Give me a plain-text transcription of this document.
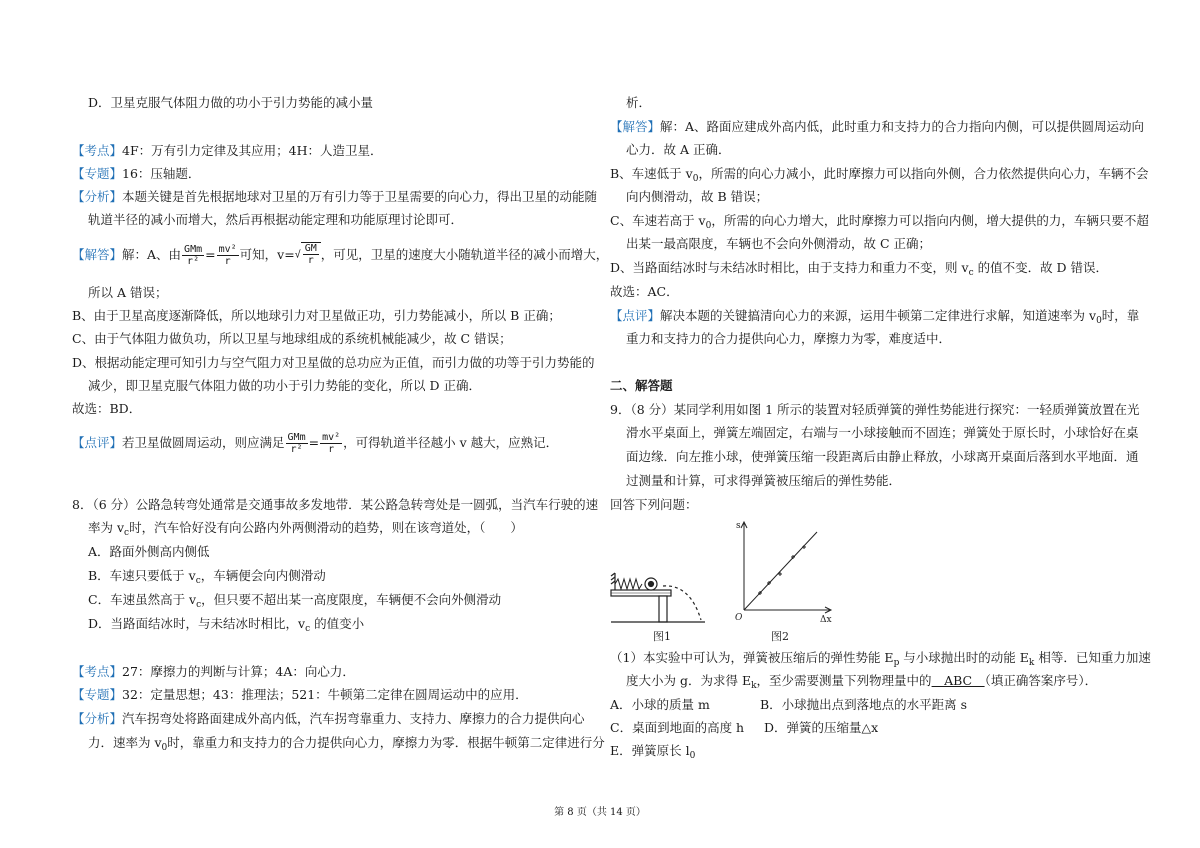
D．卫星克服气体阻力做的功小于引力势能的减小量
【考点】4F：万有引力定律及其应用；4H：人造卫星．
【专题】16：压轴题．
【分析】本题关键是首先根据地球对卫星的万有引力等于卫星需要的向心力，得出卫星的动能随
轨道半径的减小而增大，然后再根据动能定理和功能原理讨论即可．
【解答】解：A、由 $\frac{\text{GMm}}{\text{r²}} = \frac{\text{mv²}}{r}$ 可知，$v=√ \frac{GM}{r}$ ，可见，卫星的速度大小随轨道半径的减小而增大，
所以 A 错误；
B、由于卫星高度逐渐降低，所以地球引力对卫星做正功，引力势能减小，所以 B 正确；
C、由于气体阻力做负功，所以卫星与地球组成的系统机械能减少，故 C 错误；
D、根据动能定理可知引力与空气阻力对卫星做的总功应为正值，而引力做的功等于引力势能的
减少，即卫星克服气体阻力做的功小于引力势能的变化，所以 D 正确．
故选：BD．
【点评】若卫星做圆周运动，则应满足 $\frac{\text{GMm}}{\text{r²}} = \frac{\text{mv²}}{r}$ ，可得轨道半径越小 v 越大，应熟记．
8．（6 分）公路急转弯处通常是交通事故多发地带．某公路急转弯处是一圆弧，当汽车行驶的速
率为 $v_c$时，汽车恰好没有向公路内外两侧滑动的趋势，则在该弯道处，（　　）
A．路面外侧高内侧低
B．车速只要低于 $v_c$，车辆便会向内侧滑动
C．车速虽然高于 $v_c$，但只要不超出某一高度限度，车辆便不会向外侧滑动
D．当路面结冰时，与未结冰时相比，$v_c$ 的值变小
【考点】27：摩擦力的判断与计算；4A：向心力．
【专题】32：定量思想；43：推理法；521：牛顿第二定律在圆周运动中的应用．
【分析】汽车拐弯处将路面建成外高内低，汽车拐弯靠重力、支持力、摩擦力的合力提供向心
力．速率为 $v_0$时，靠重力和支持力的合力提供向心力，摩擦力为零．根据牛顿第二定律进行分
析．
【解答】解：A、路面应建成外高内低，此时重力和支持力的合力指向内侧，可以提供圆周运动向
心力．故 A 正确．
B、车速低于 $v_0$，所需的向心力减小，此时摩擦力可以指向外侧，合力依然提供向心力，车辆不会
向内侧滑动，故 B 错误；
C、车速若高于 $v_0$，所需的向心力增大，此时摩擦力可以指向内侧，增大提供的力，车辆只要不超
出某一最高限度，车辆也不会向外侧滑动，故 C 正确；
D、当路面结冰时与未结冰时相比，由于支持力和重力不变，则 $v_c$ 的值不变．故 D 错误．
故选：AC．
【点评】解决本题的关键搞清向心力的来源，运用牛顿第二定律进行求解，知道速率为 $v_0$时，靠
重力和支持力的合力提供向心力，摩擦力为零，难度适中．
二、解答题
9．（8 分）某同学利用如图 1 所示的装置对轻质弹簧的弹性势能进行探究：一轻质弹簧放置在光
滑水平桌面上，弹簧左端固定，右端与一小球接触而不固连；弹簧处于原长时，小球恰好在桌
面边缘．向左推小球，使弹簧压缩一段距离后由静止释放，小球离开桌面后落到水平地面．通
过测量和计算，可求得弹簧被压缩后的弹性势能．
回答下列问题：
图1
s
O	Δx
图2
（1）本实验中可认为，弹簧被压缩后的弹性势能 $E_p$ 与小球抛出时的动能 $E_k$ 相等．已知重力加速
度大小为 g．为求得 $E_k$，至少需要测量下列物理量中的　ABC　（填正确答案序号）．
A．小球的质量 m	B．小球抛出点到落地点的水平距离 s
C．桌面到地面的高度 h D．弹簧的压缩量△x
E．弹簧原长 $l_0$
第 8 页（共 14 页）
